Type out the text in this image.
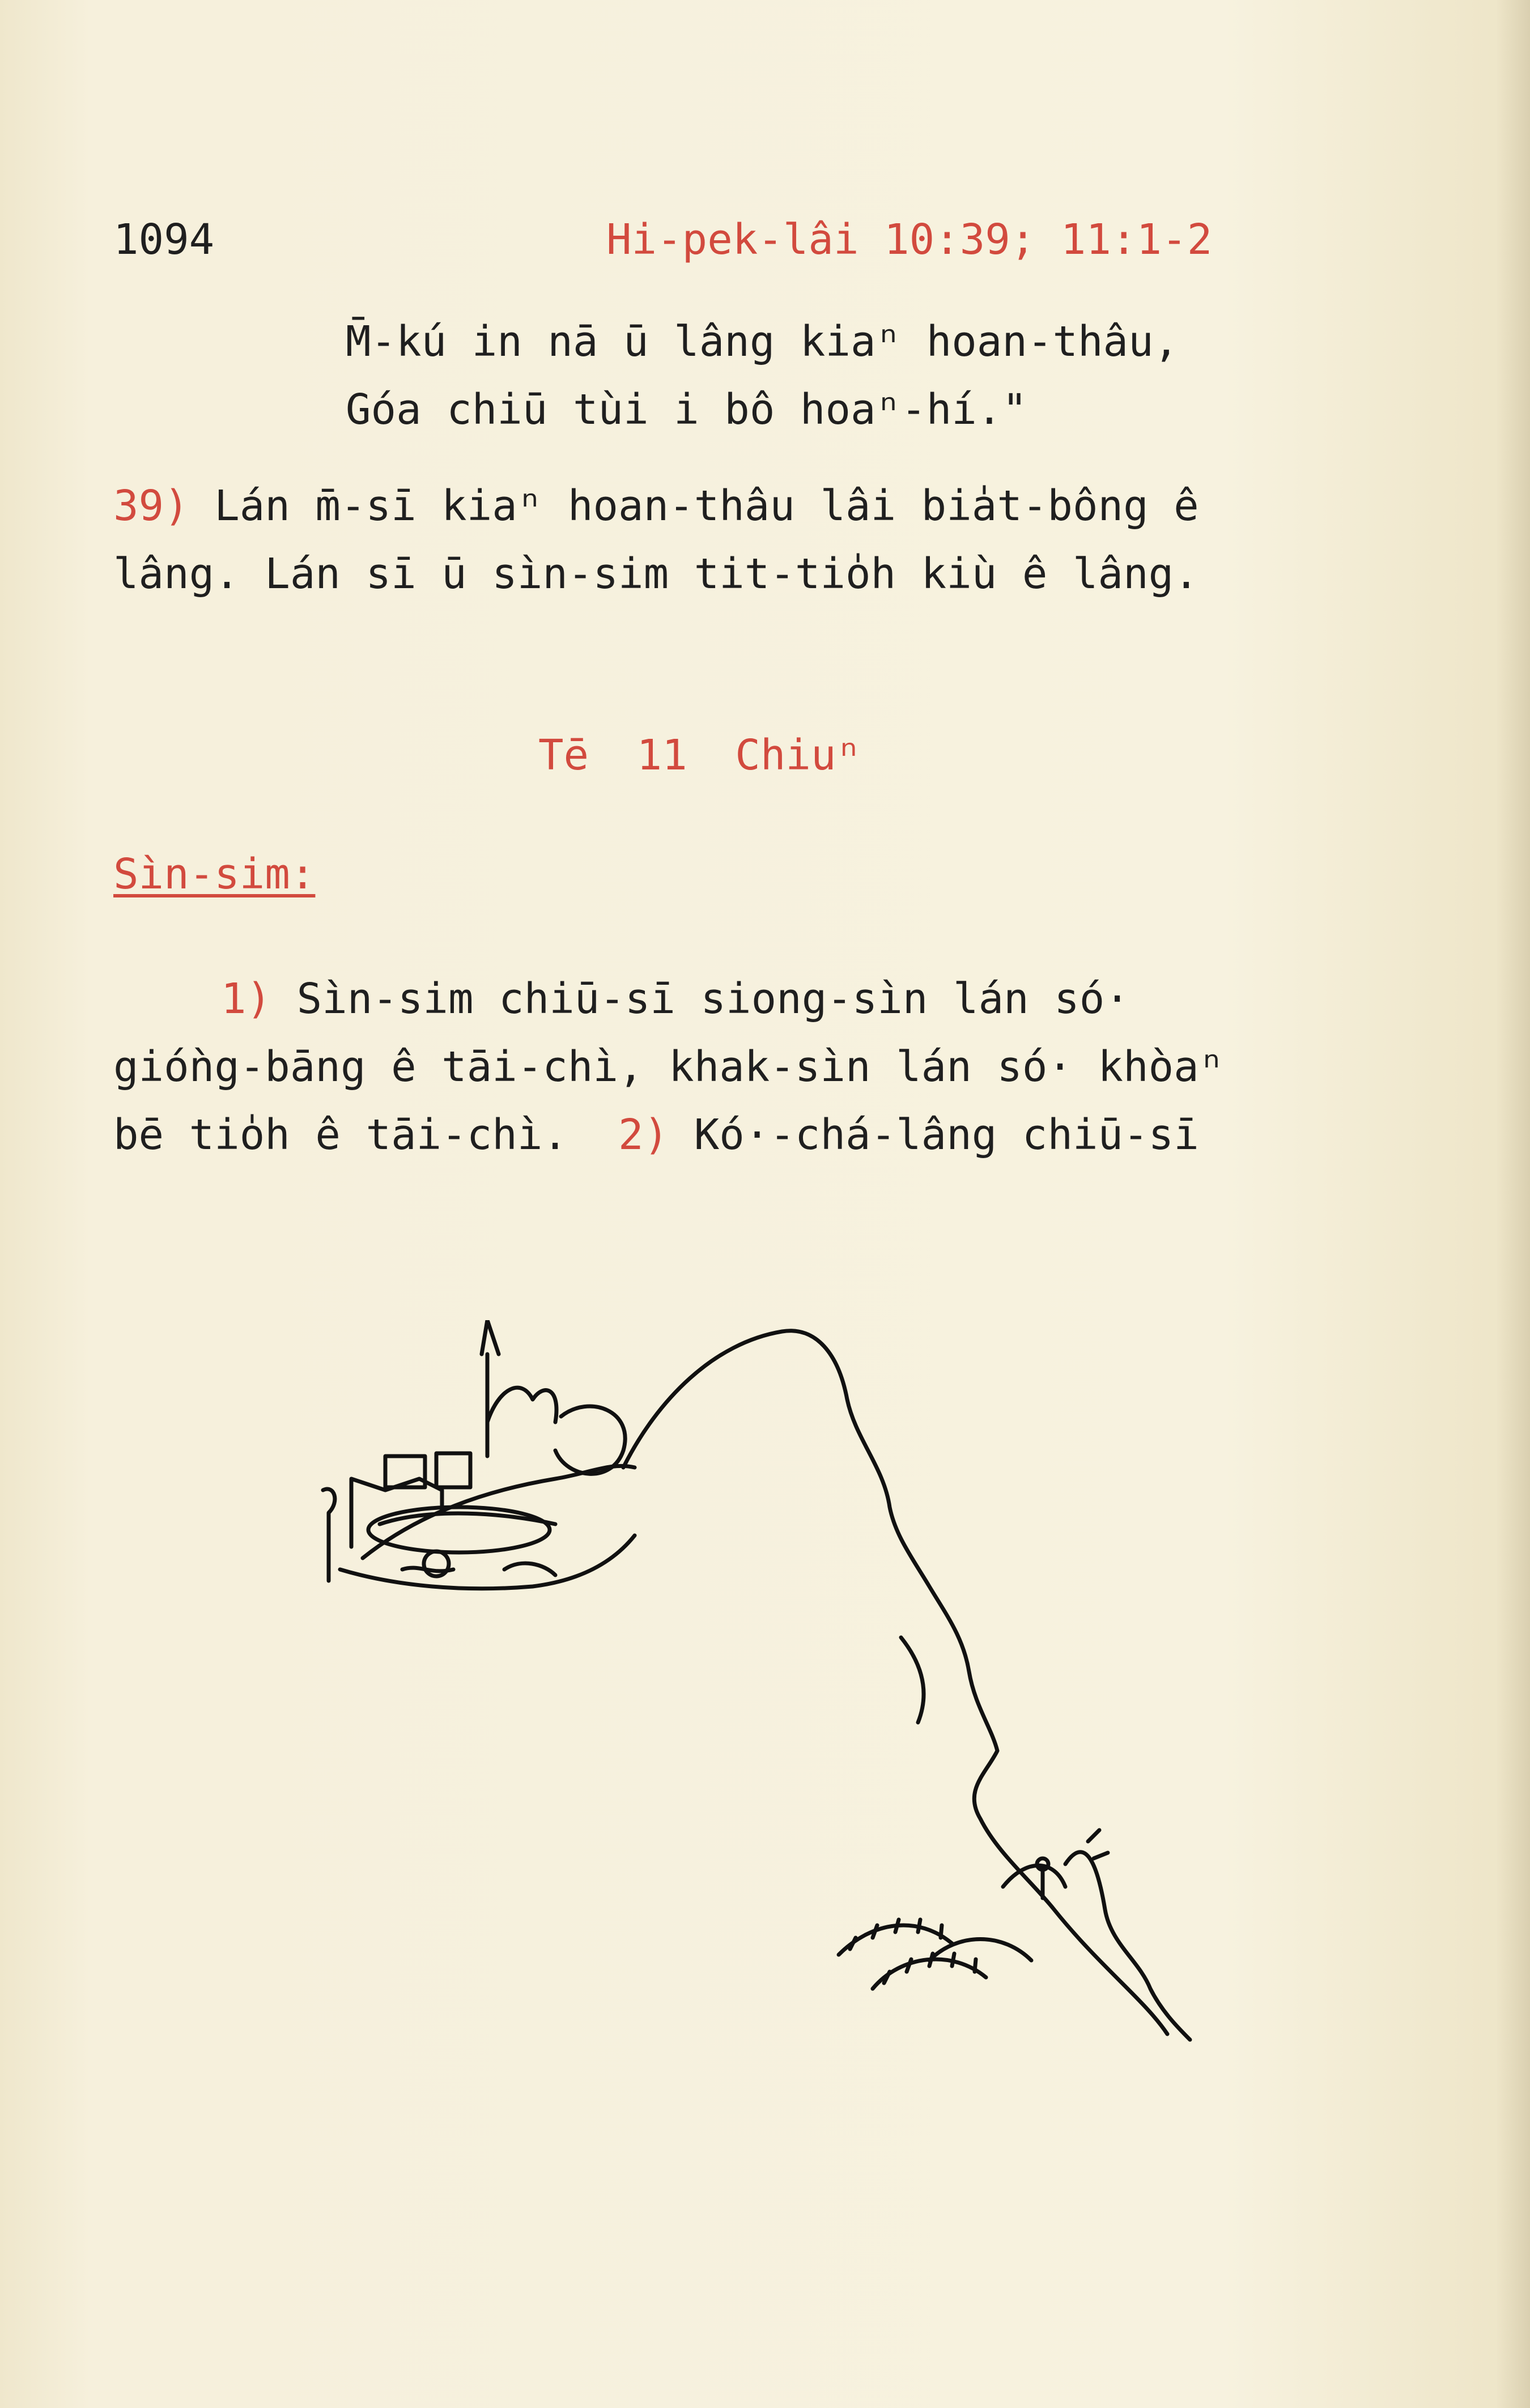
1094	Hi-pek-lâi 10:39; 11:1-2
M̄-kú in nā ū lâng kiaⁿ hoan-thâu,
Góa chiū tùi i bô hoaⁿ-hí."
39) Lán m̄-sī kiaⁿ hoan-thâu lâi bia̍t-bông ê
lâng. Lán sī ū sìn-sim tit-tio̍h kiù ê lâng.
Tē 11 Chiuⁿ
Sìn-sim:
1) Sìn-sim chiū-sī siong-sìn lán só·
gióǹg-bāng ê tāi-chì, khak-sìn lán só· khòaⁿ
bē tio̍h ê tāi-chì. 2) Kó·-chá-lâng chiū-sī
